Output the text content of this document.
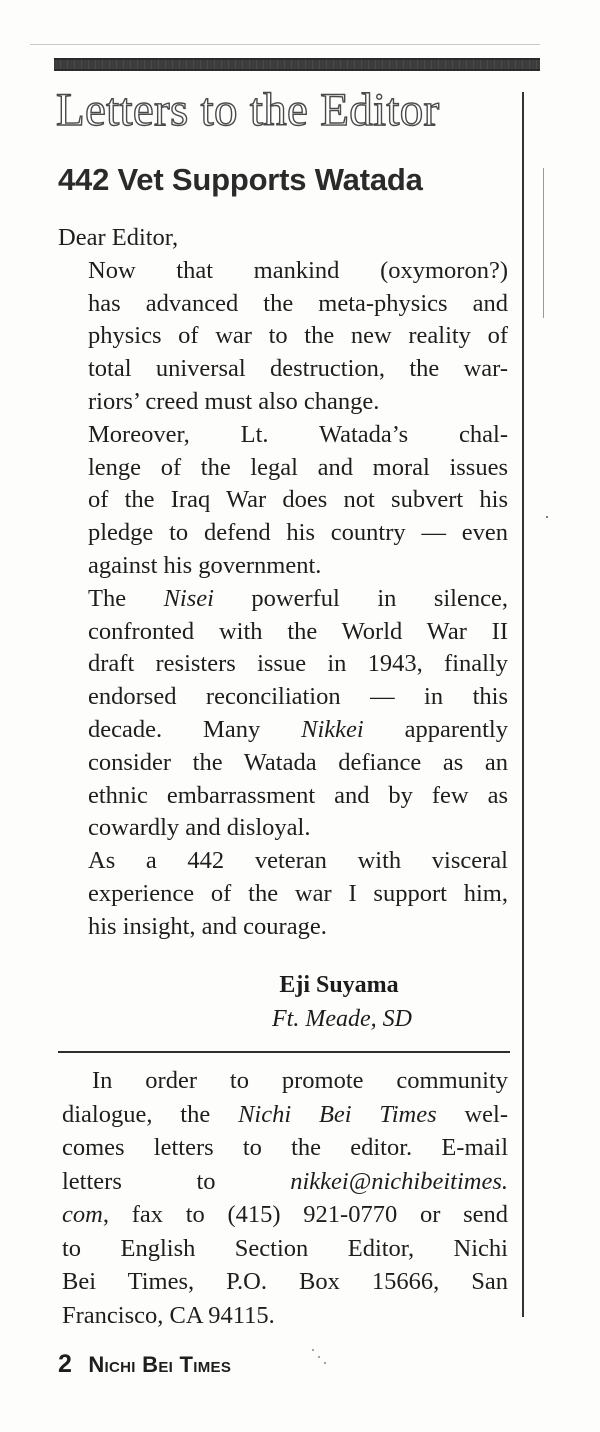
Letters to the Editor
442 Vet Supports Watada

Dear Editor,

Now that mankind (oxymoron?)
has advanced the meta-physics and
physics of war to the new reality of
total universal destruction, the war-
riors’ creed must also change.

Moreover, Lt. Watada’s chal-
lenge of the legal and moral issues
of the Iraq War does not subvert his
pledge to defend his country — even
against his government.

The Nisei powerful in silence,
confronted with the World War II
draft resisters issue in 1943, finally
endorsed reconciliation — in this
decade. Many Nikkei apparently
consider the Watada defiance as an
ethnic embarrassment and by few as
cowardly and disloyal.

As a 442 veteran with visceral
experience of the war I support him,
his insight, and courage.

Eji Suyama
Ft. Meade, SD
In order to promote community
dialogue, the Nichi Bei Times wel-
comes letters to the editor. E-mail
letters to nikkei@nichibeitimes.
com, fax to (415) 921-0770 or send
to English Section Editor, Nichi
Bei Times, P.O. Box 15666, San
Francisco, CA 94115.
2 Nichi Bei Times
